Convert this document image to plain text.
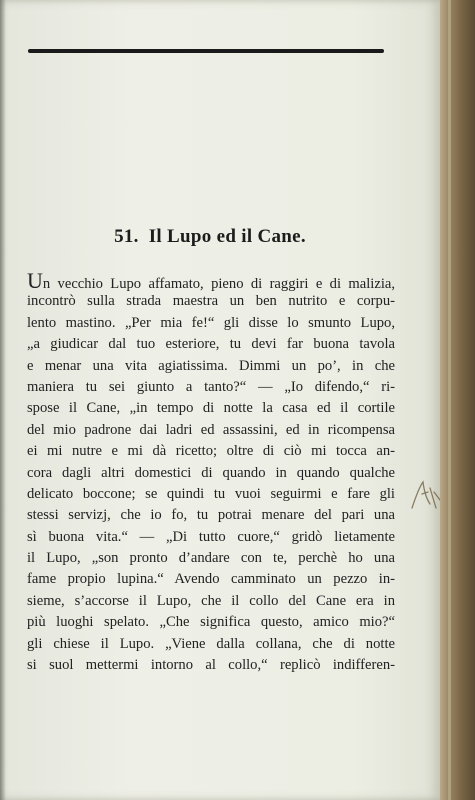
51. Il Lupo ed il Cane.
Un vecchio Lupo affamato, pieno di raggiri e di malizia,
incontrò sulla strada maestra un ben nutrito e corpu-
lento mastino. „Per mia fe!“ gli disse lo smunto Lupo,
„a giudicar dal tuo esteriore, tu devi far buona tavola
e menar una vita agiatissima. Dimmi un po’, in che
maniera tu sei giunto a tanto?“ — „Io difendo,“ ri-
spose il Cane, „in tempo di notte la casa ed il cortile
del mio padrone dai ladri ed assassini, ed in ricompensa
ei mi nutre e mi dà ricetto; oltre di ciò mi tocca an-
cora dagli altri domestici di quando in quando qualche
delicato boccone; se quindi tu vuoi seguirmi e fare gli
stessi servizj, che io fo, tu potrai menare del pari una
sì buona vita.“ — „Di tutto cuore,“ gridò lietamente
il Lupo, „son pronto d’andare con te, perchè ho una
fame propio lupina.“ Avendo camminato un pezzo in-
sieme, s’accorse il Lupo, che il collo del Cane era in
più luoghi spelato. „Che significa questo, amico mio?“
gli chiese il Lupo. „Viene dalla collana, che di notte
si suol mettermi intorno al collo,“ replicò indifferen-
